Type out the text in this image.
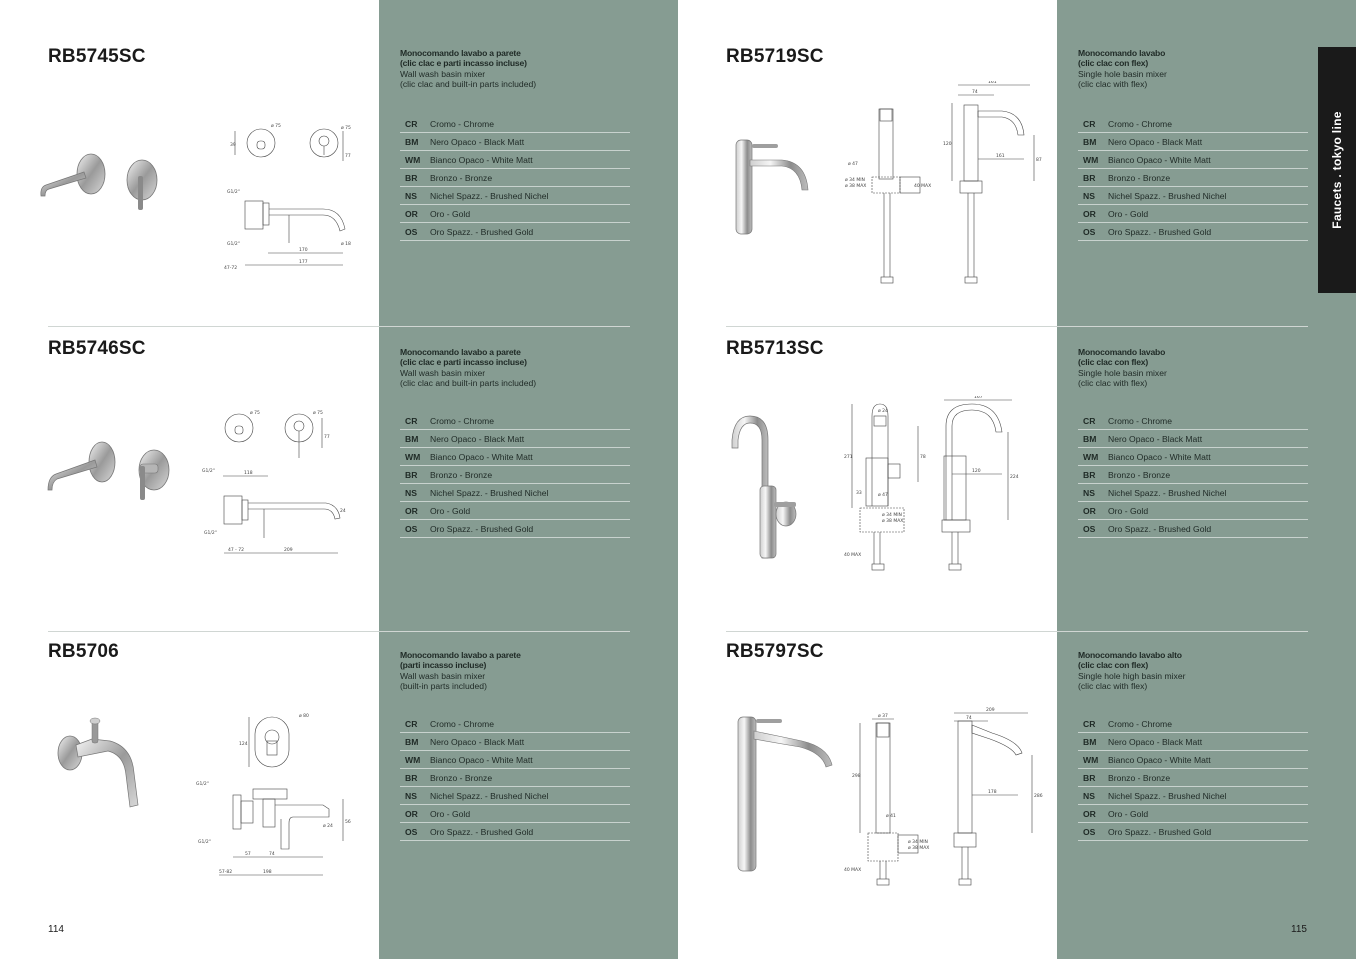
RB5745SC	Monocomando lavabo a parete
(clic clac e parti incasso incluse)
Wall wash basin mixer
(clic clac and built-in parts included)
CR	Cromo - Chrome
BM	Nero Opaco - Black Matt
WM	Bianco Opaco - White Matt
BR	Bronzo - Bronze
NS	Nichel Spazz. - Brushed Nichel
OR	Oro - Gold
OS	Oro Spazz. - Brushed Gold
39
ø 75	ø 75
77
G1/2"
G1/2"
170
177
47-72
ø 18
RB5746SC	Monocomando lavabo a parete
(clic clac e parti incasso incluse)
Wall wash basin mixer
(clic clac and built-in parts included)
CR	Cromo - Chrome
BM	Nero Opaco - Black Matt
WM	Bianco Opaco - White Matt
BR	Bronzo - Bronze
NS	Nichel Spazz. - Brushed Nichel
OR	Oro - Gold
OS	Oro Spazz. - Brushed Gold
ø 75	ø 75
77
118
G1/2"
G1/2"
47 - 72	209
24
RB5706	Monocomando lavabo a parete
(parti incasso incluse)
Wall wash basin mixer
(built-in parts included)
CR	Cromo - Chrome
BM	Nero Opaco - Black Matt
WM	Bianco Opaco - White Matt
BR	Bronzo - Bronze
NS	Nichel Spazz. - Brushed Nichel
OR	Oro - Gold
OS	Oro Spazz. - Brushed Gold
124
ø 80
G1/2"
G1/2"
57	74
57-82	198
ø 24
56
114
RB5719SC	Monocomando lavabo
(clic clac con flex)
Single hole basin mixer
(clic clac with flex)
CR	Cromo - Chrome
BM	Nero Opaco - Black Matt
WM	Bianco Opaco - White Matt
BR	Bronzo - Bronze
NS	Nichel Spazz. - Brushed Nichel
OR	Oro - Gold
OS	Oro Spazz. - Brushed Gold
ø 47
ø 34 MIN
ø 38 MAX	40 MAX
161
74
120
161
87
RB5713SC	Monocomando lavabo
(clic clac con flex)
Single hole basin mixer
(clic clac with flex)
CR	Cromo - Chrome
BM	Nero Opaco - Black Matt
WM	Bianco Opaco - White Matt
BR	Bronzo - Bronze
NS	Nichel Spazz. - Brushed Nichel
OR	Oro - Gold
OS	Oro Spazz. - Brushed Gold
ø 24
271	78
33	ø 47
ø 34 MIN
ø 38 MAX
40 MAX
167
120
224
RB5797SC	Monocomando lavabo alto
(clic clac con flex)
Single hole high basin mixer
(clic clac with flex)
CR	Cromo - Chrome
BM	Nero Opaco - Black Matt
WM	Bianco Opaco - White Matt
BR	Bronzo - Bronze
NS	Nichel Spazz. - Brushed Nichel
OR	Oro - Gold
OS	Oro Spazz. - Brushed Gold
ø 37
298
ø 41
ø 34 MIN
ø 38 MAX
40 MAX
209
74
178
286
115
Faucets . tokyo line
